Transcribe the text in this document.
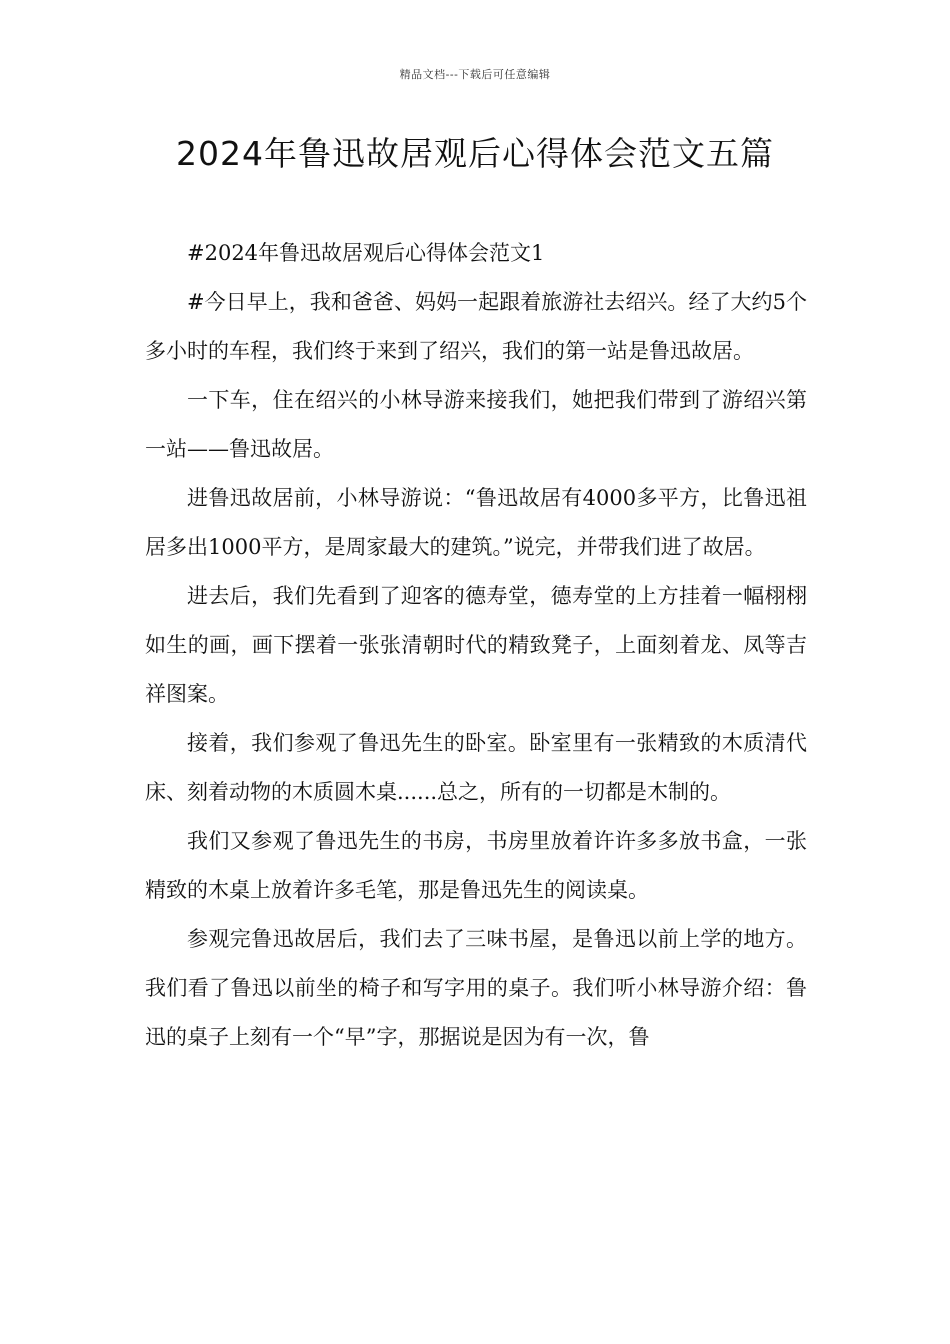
精品文档---下载后可任意编辑
2024年鲁迅故居观后心得体会范文五篇

#2024年鲁迅故居观后心得体会范文1

#今日早上，我和爸爸、妈妈一起跟着旅游社去绍兴。经了大约5个多小时的车程，我们终于来到了绍兴，我们的第一站是鲁迅故居。

一下车，住在绍兴的小林导游来接我们，她把我们带到了游绍兴第一站——鲁迅故居。

进鲁迅故居前，小林导游说：“鲁迅故居有4000多平方，比鲁迅祖居多出1000平方，是周家最大的建筑。”说完，并带我们进了故居。

进去后，我们先看到了迎客的德寿堂，德寿堂的上方挂着一幅栩栩如生的画，画下摆着一张张清朝时代的精致凳子，上面刻着龙、凤等吉祥图案。

接着，我们参观了鲁迅先生的卧室。卧室里有一张精致的木质清代床、刻着动物的木质圆木桌......总之，所有的一切都是木制的。

我们又参观了鲁迅先生的书房，书房里放着许许多多放书盒，一张精致的木桌上放着许多毛笔，那是鲁迅先生的阅读桌。

参观完鲁迅故居后，我们去了三味书屋，是鲁迅以前上学的地方。我们看了鲁迅以前坐的椅子和写字用的桌子。我们听小林导游介绍：鲁迅的桌子上刻有一个“早”字，那据说是因为有一次，鲁
